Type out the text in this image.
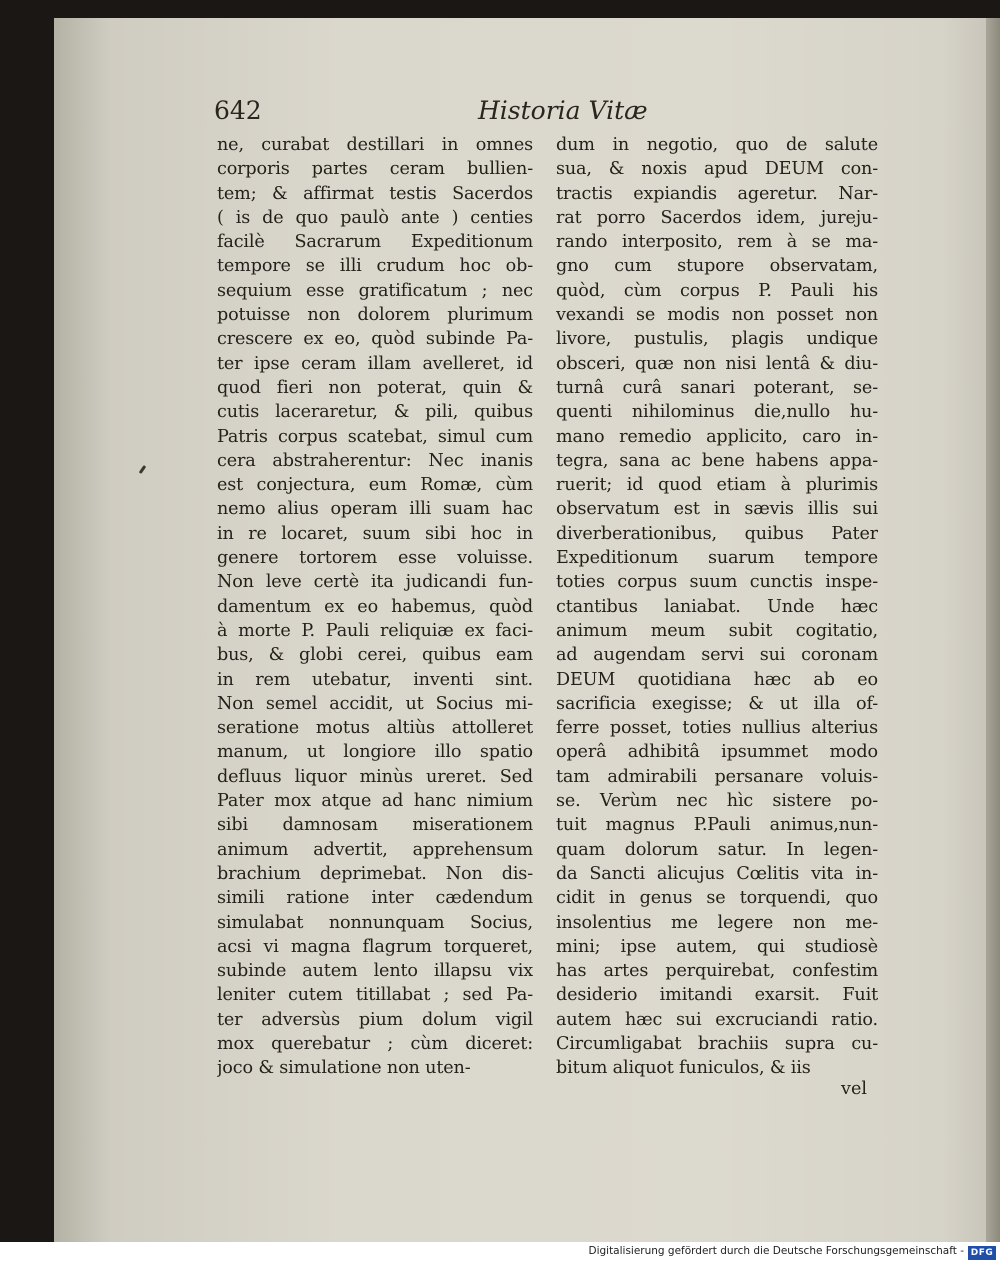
642	Historia Vitæ
ne, curabat destillari in omnes
corporis partes ceram bullien-
tem; & affirmat testis Sacerdos
( is de quo paulò ante ) centies
facilè Sacrarum Expeditionum
tempore se illi crudum hoc ob-
sequium esse gratificatum ; nec
potuisse non dolorem plurimum
crescere ex eo, quòd subinde Pa-
ter ipse ceram illam avelleret, id
quod fieri non poterat, quin &
cutis laceraretur, & pili, quibus
Patris corpus scatebat, simul cum
cera abstraherentur: Nec inanis
est conjectura, eum Romæ, cùm
nemo alius operam illi suam hac
in re locaret, suum sibi hoc in
genere tortorem esse voluisse.
Non leve certè ita judicandi fun-
damentum ex eo habemus, quòd
à morte P. Pauli reliquiæ ex faci-
bus, & globi cerei, quibus eam
in rem utebatur, inventi sint.
Non semel accidit, ut Socius mi-
seratione motus altiùs attolleret
manum, ut longiore illo spatio
defluus liquor minùs ureret. Sed
Pater mox atque ad hanc nimium
sibi damnosam miserationem
animum advertit, apprehensum
brachium deprimebat. Non dis-
simili ratione inter cædendum
simulabat nonnunquam Socius,
acsi vi magna flagrum torqueret,
subinde autem lento illapsu vix
leniter cutem titillabat ; sed Pa-
ter adversùs pium dolum vigil
mox querebatur ; cùm diceret:
joco & simulatione non uten-
dum in negotio, quo de salute
sua, & noxis apud DEUM con-
tractis expiandis ageretur. Nar-
rat porro Sacerdos idem, jureju-
rando interposito, rem à se ma-
gno cum stupore observatam,
quòd, cùm corpus P. Pauli his
vexandi se modis non posset non
livore, pustulis, plagis undique
obsceri, quæ non nisi lentâ & diu-
turnâ curâ sanari poterant, se-
quenti nihilominus die,nullo hu-
mano remedio applicito, caro in-
tegra, sana ac bene habens appa-
ruerit; id quod etiam à plurimis
observatum est in sævis illis sui
diverberationibus, quibus Pater
Expeditionum suarum tempore
toties corpus suum cunctis inspe-
ctantibus laniabat. Unde hæc
animum meum subit cogitatio,
ad augendam servi sui coronam
DEUM quotidiana hæc ab eo
sacrificia exegisse; & ut illa of-
ferre posset, toties nullius alterius
operâ adhibitâ ipsummet modo
tam admirabili persanare voluis-
se. Verùm nec hìc sistere po-
tuit magnus P.Pauli animus,nun-
quam dolorum satur. In legen-
da Sancti alicujus Cœlitis vita in-
cidit in genus se torquendi, quo
insolentius me legere non me-
mini; ipse autem, qui studiosè
has artes perquirebat, confestim
desiderio imitandi exarsit. Fuit
autem hæc sui excruciandi ratio.
Circumligabat brachiis supra cu-
bitum aliquot funiculos, & iis
vel
Digitalisierung gefördert durch die Deutsche Forschungsgemeinschaft - DFG
